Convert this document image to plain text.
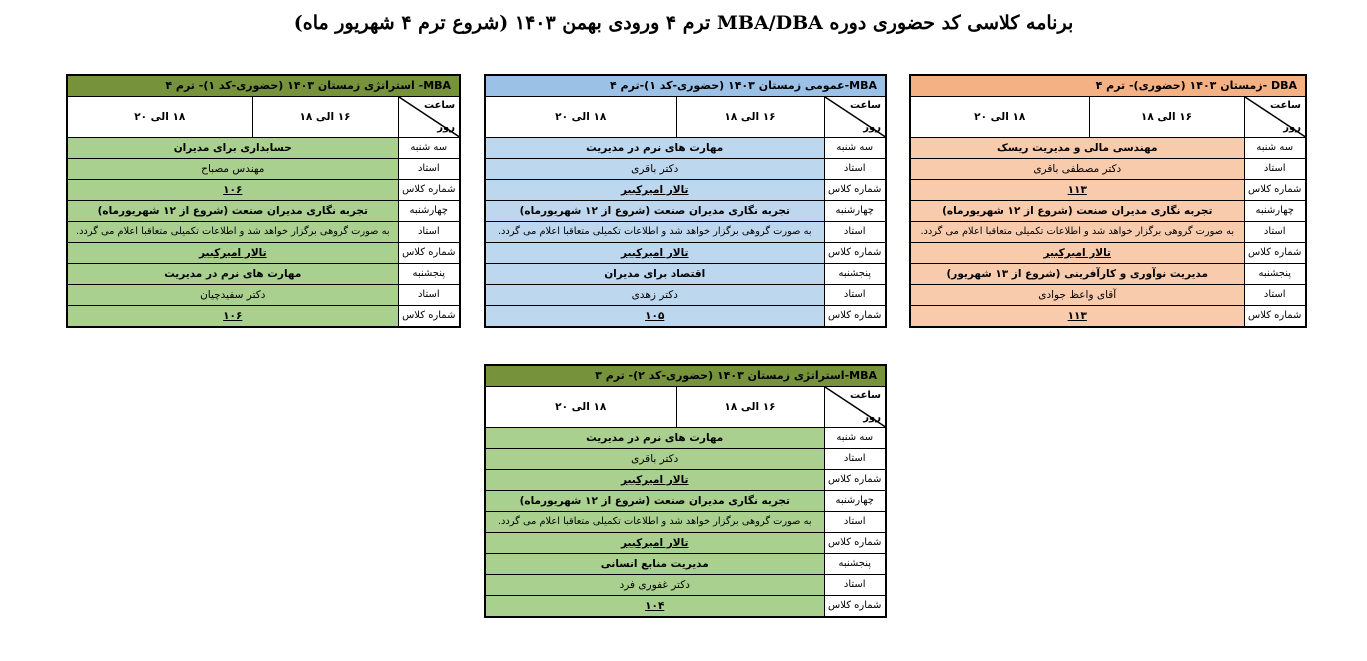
برنامه کلاسی کد حضوری دوره MBA/DBA ترم ۴ ورودی بهمن ۱۴۰۳ (شروع ترم ۴ شهریور ماه)
MBA- استراتژی زمستان ۱۴۰۳ (حضوری-کد ۱)- ترم ۴		

ساعت
روز	۱۶ الی ۱۸	۱۸ الی ۲۰
سه شنبه	حسابداری برای مدیران	
استاد	مهندس مصباح	
شماره کلاس	۱۰۶	
چهارشنبه	تجربه نگاری مدیران صنعت (شروع از ۱۲ شهریورماه)	
استاد	به صورت گروهی برگزار خواهد شد و اطلاعات تکمیلی متعاقبا اعلام می گردد.	
شماره کلاس	تالار امیرکبیر	
پنجشنبه	مهارت های نرم در مدیریت	
استاد	دکتر سفیدچیان	
شماره کلاس	۱۰۶	
MBA-عمومی زمستان ۱۴۰۳ (حضوری-کد ۱)-ترم ۴		

ساعت
روز	۱۶ الی ۱۸	۱۸ الی ۲۰
سه شنبه	مهارت های نرم در مدیریت	
استاد	دکتر باقری	
شماره کلاس	تالار امیرکبیر	
چهارشنبه	تجربه نگاری مدیران صنعت (شروع از ۱۲ شهریورماه)	
استاد	به صورت گروهی برگزار خواهد شد و اطلاعات تکمیلی متعاقبا اعلام می گردد.	
شماره کلاس	تالار امیرکبیر	
پنجشنبه	اقتصاد برای مدیران	
استاد	دکتر زهدی	
شماره کلاس	۱۰۵	
DBA -زمستان ۱۴۰۳ (حضوری)- ترم ۴		

ساعت
روز	۱۶ الی ۱۸	۱۸ الی ۲۰
سه شنبه	مهندسی مالی و مدیریت ریسک	
استاد	دکتر مصطفی باقری	
شماره کلاس	۱۱۳	
چهارشنبه	تجربه نگاری مدیران صنعت (شروع از ۱۲ شهریورماه)	
استاد	به صورت گروهی برگزار خواهد شد و اطلاعات تکمیلی متعاقبا اعلام می گردد.	
شماره کلاس	تالار امیرکبیر	
پنجشنبه	مدیریت نوآوری و کارآفرینی (شروع از ۱۳ شهریور)	
استاد	آقای واعظ جوادی	
شماره کلاس	۱۱۳	
MBA-استراتژی زمستان ۱۴۰۳ (حضوری-کد ۲)- ترم ۳		

ساعت
روز	۱۶ الی ۱۸	۱۸ الی ۲۰
سه شنبه	مهارت های نرم در مدیریت	
استاد	دکتر باقری	
شماره کلاس	تالار امیرکبیر	
چهارشنبه	تجربه نگاری مدیران صنعت (شروع از ۱۲ شهریورماه)	
استاد	به صورت گروهی برگزار خواهد شد و اطلاعات تکمیلی متعاقبا اعلام می گردد.	
شماره کلاس	تالار امیرکبیر	
پنجشنبه	مدیریت منابع انسانی	
استاد	دکتر غفوری فرد	
شماره کلاس	۱۰۴	
